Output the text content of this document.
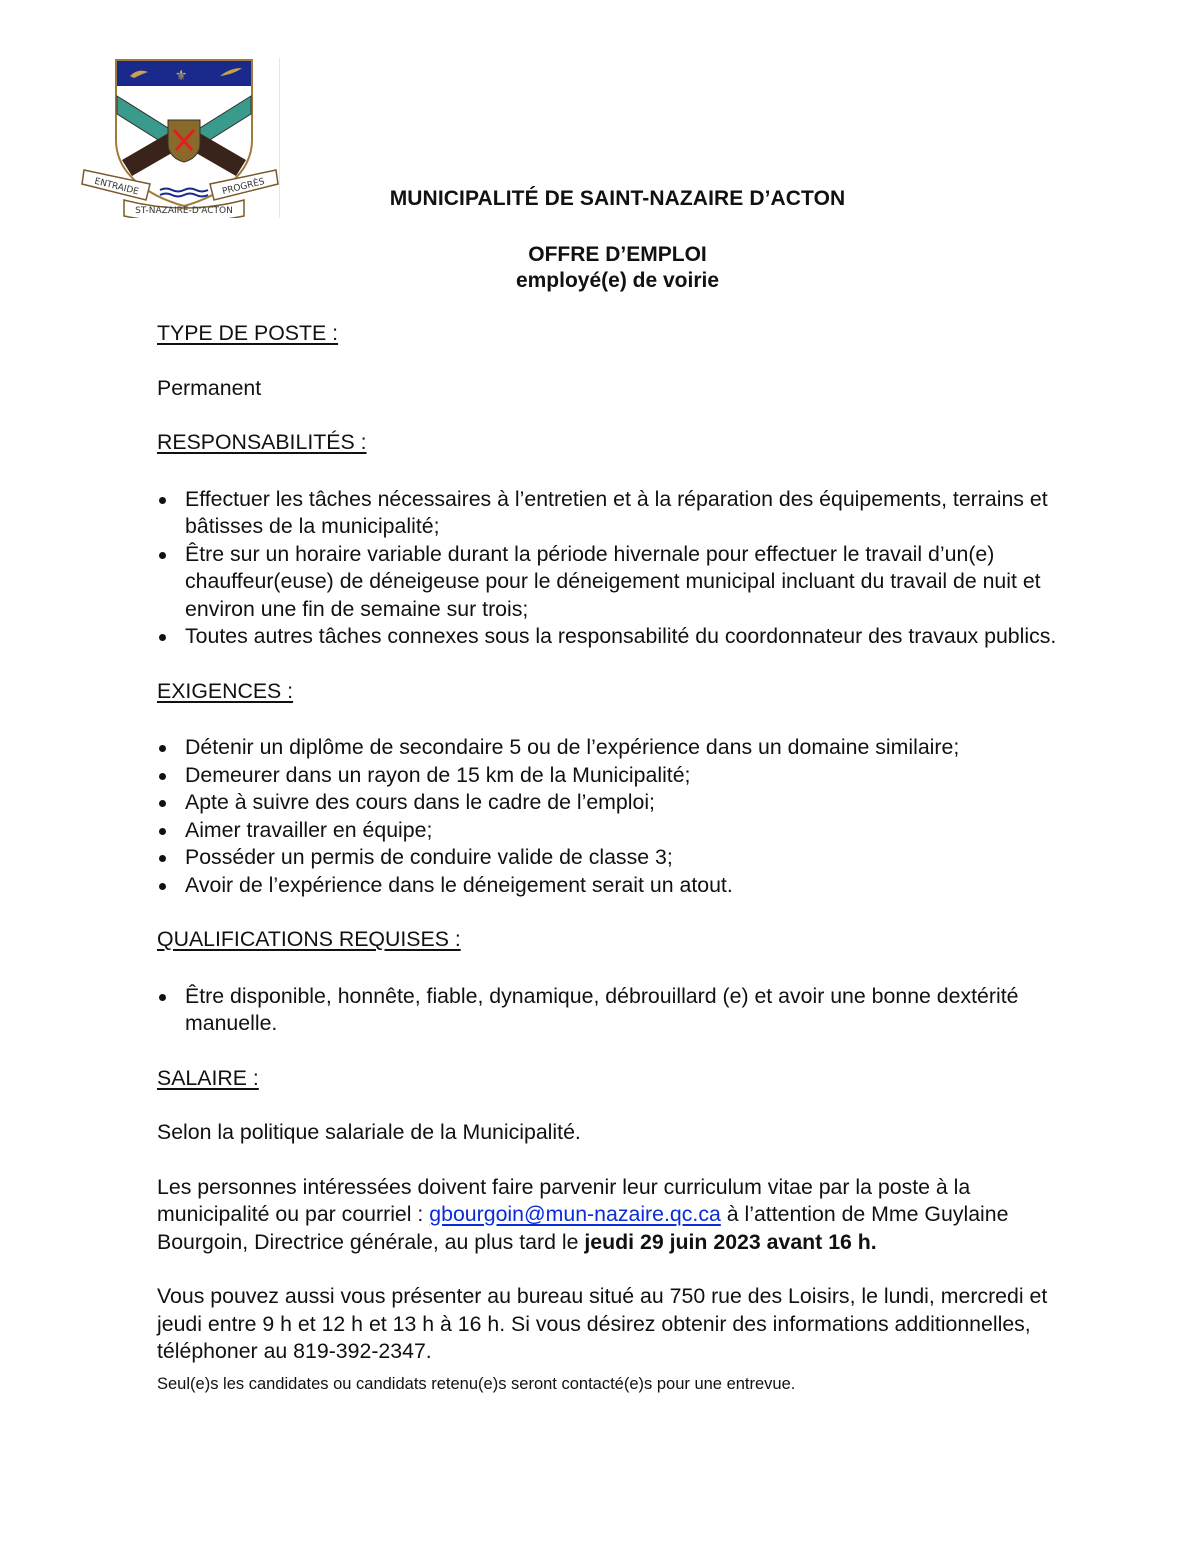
⚜
ENTRAIDE	PROGRÈS
ST-NAZAIRE-D'ACTON
MUNICIPALITÉ DE SAINT-NAZAIRE D’ACTON
OFFRE D’EMPLOI
employé(e) de voirie

TYPE DE POSTE :

Permanent

RESPONSABILITÉS :

Effectuer les tâches nécessaires à l’entretien et à la réparation des équipements, terrains et bâtisses de la municipalité;
Être sur un horaire variable durant la période hivernale pour effectuer le travail d’un(e) chauffeur(euse) de déneigeuse pour le déneigement municipal incluant du travail de nuit et environ une fin de semaine sur trois;
Toutes autres tâches connexes sous la responsabilité du coordonnateur des travaux publics.

EXIGENCES :

Détenir un diplôme de secondaire 5 ou de l’expérience dans un domaine similaire;
Demeurer dans un rayon de 15 km de la Municipalité;
Apte à suivre des cours dans le cadre de l’emploi;
Aimer travailler en équipe;
Posséder un permis de conduire valide de classe 3;
Avoir de l’expérience dans le déneigement serait un atout.

QUALIFICATIONS REQUISES :

Être disponible, honnête, fiable, dynamique, débrouillard (e) et avoir une bonne dextérité manuelle.

SALAIRE :

Selon la politique salariale de la Municipalité.

Les personnes intéressées doivent faire parvenir leur curriculum vitae par la poste à la municipalité ou par courriel : gbourgoin@mun-nazaire.qc.ca à l’attention de Mme Guylaine Bourgoin, Directrice générale, au plus tard le jeudi 29 juin 2023 avant 16 h.

Vous pouvez aussi vous présenter au bureau situé au 750 rue des Loisirs, le lundi, mercredi et jeudi entre 9 h et 12 h et 13 h à 16 h. Si vous désirez obtenir des informations additionnelles, téléphoner au 819-392-2347.

Seul(e)s les candidates ou candidats retenu(e)s seront contacté(e)s pour une entrevue.
